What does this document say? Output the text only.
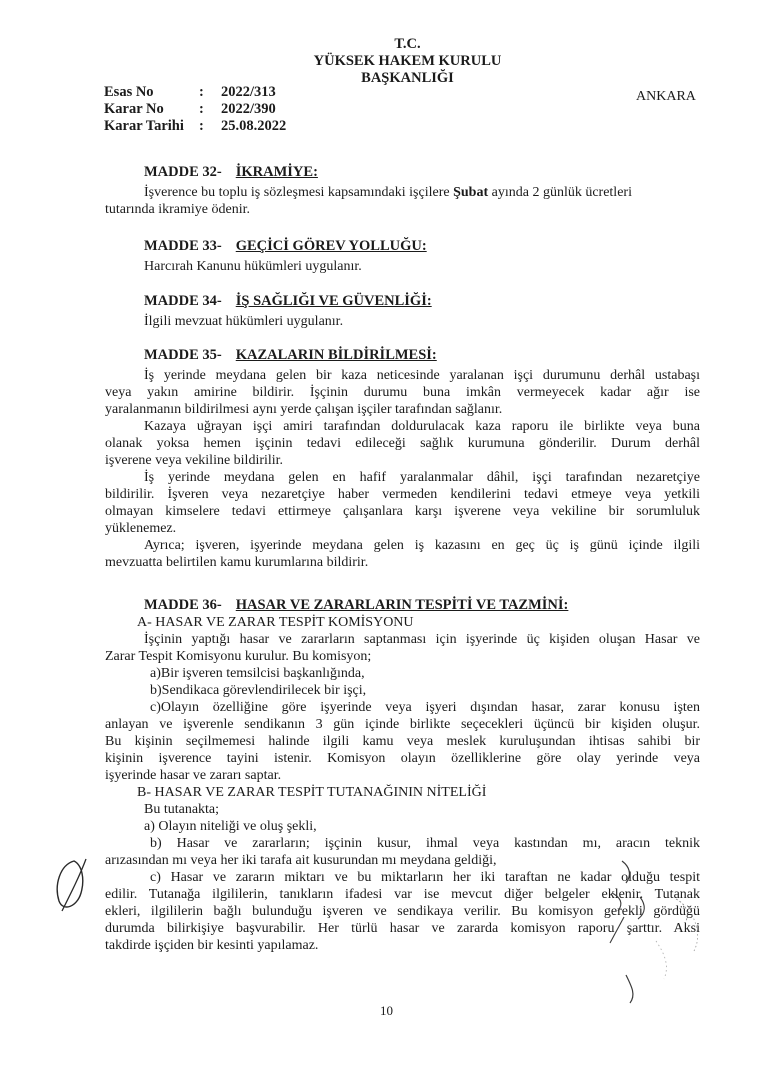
T.C.
YÜKSEK HAKEM KURULU
BAŞKANLIĞI
Esas No	:	2022/313
Karar No	:	2022/390
Karar Tarihi	:	25.08.2022
ANKARA
MADDE 32- İKRAMİYE:
İşverence bu toplu iş sözleşmesi kapsamındaki işçilere Şubat ayında 2 günlük ücretleri
tutarında ikramiye ödenir.
MADDE 33- GEÇİCİ GÖREV YOLLUĞU:
Harcırah Kanunu hükümleri uygulanır.
MADDE 34- İŞ SAĞLIĞI VE GÜVENLİĞİ:
İlgili mevzuat hükümleri uygulanır.
MADDE 35- KAZALARIN BİLDİRİLMESİ:
İş yerinde meydana gelen bir kaza neticesinde yaralanan işçi durumunu derhâl ustabaşı
veya yakın amirine bildirir. İşçinin durumu buna imkân vermeyecek kadar ağır ise
yaralanmanın bildirilmesi aynı yerde çalışan işçiler tarafından sağlanır.
Kazaya uğrayan işçi amiri tarafından doldurulacak kaza raporu ile birlikte veya buna
olanak yoksa hemen işçinin tedavi edileceği sağlık kurumuna gönderilir. Durum derhâl
işverene veya vekiline bildirilir.
İş yerinde meydana gelen en hafif yaralanmalar dâhil, işçi tarafından nezaretçiye
bildirilir. İşveren veya nezaretçiye haber vermeden kendilerini tedavi etmeye veya yetkili
olmayan kimselere tedavi ettirmeye çalışanlara karşı işverene veya vekiline bir sorumluluk
yüklenemez.
Ayrıca; işveren, işyerinde meydana gelen iş kazasını en geç üç iş günü içinde ilgili
mevzuatta belirtilen kamu kurumlarına bildirir.
MADDE 36- HASAR VE ZARARLARIN TESPİTİ VE TAZMİNİ:
A- HASAR VE ZARAR TESPİT KOMİSYONU
İşçinin yaptığı hasar ve zararların saptanması için işyerinde üç kişiden oluşan Hasar ve
Zarar Tespit Komisyonu kurulur. Bu komisyon;
a)Bir işveren temsilcisi başkanlığında,
b)Sendikaca görevlendirilecek bir işçi,
c)Olayın özelliğine göre işyerinde veya işyeri dışından hasar, zarar konusu işten
anlayan ve işverenle sendikanın 3 gün içinde birlikte seçecekleri üçüncü bir kişiden oluşur.
Bu kişinin seçilmemesi halinde ilgili kamu veya meslek kuruluşundan ihtisas sahibi bir
kişinin işverence tayini istenir. Komisyon olayın özelliklerine göre olay yerinde veya
işyerinde hasar ve zararı saptar.
B- HASAR VE ZARAR TESPİT TUTANAĞININ NİTELİĞİ
Bu tutanakta;
a) Olayın niteliği ve oluş şekli,
b) Hasar ve zararların; işçinin kusur, ihmal veya kastından mı, aracın teknik
arızasından mı veya her iki tarafa ait kusurundan mı meydana geldiği,
c) Hasar ve zararın miktarı ve bu miktarların her iki taraftan ne kadar olduğu tespit
edilir. Tutanağa ilgililerin, tanıkların ifadesi var ise mevcut diğer belgeler eklenir. Tutanak
ekleri, ilgililerin bağlı bulunduğu işveren ve sendikaya verilir. Bu komisyon gerekli gördüğü
durumda bilirkişiye başvurabilir. Her türlü hasar ve zararda komisyon raporu şarttır. Aksi
takdirde işçiden bir kesinti yapılamaz.
10
